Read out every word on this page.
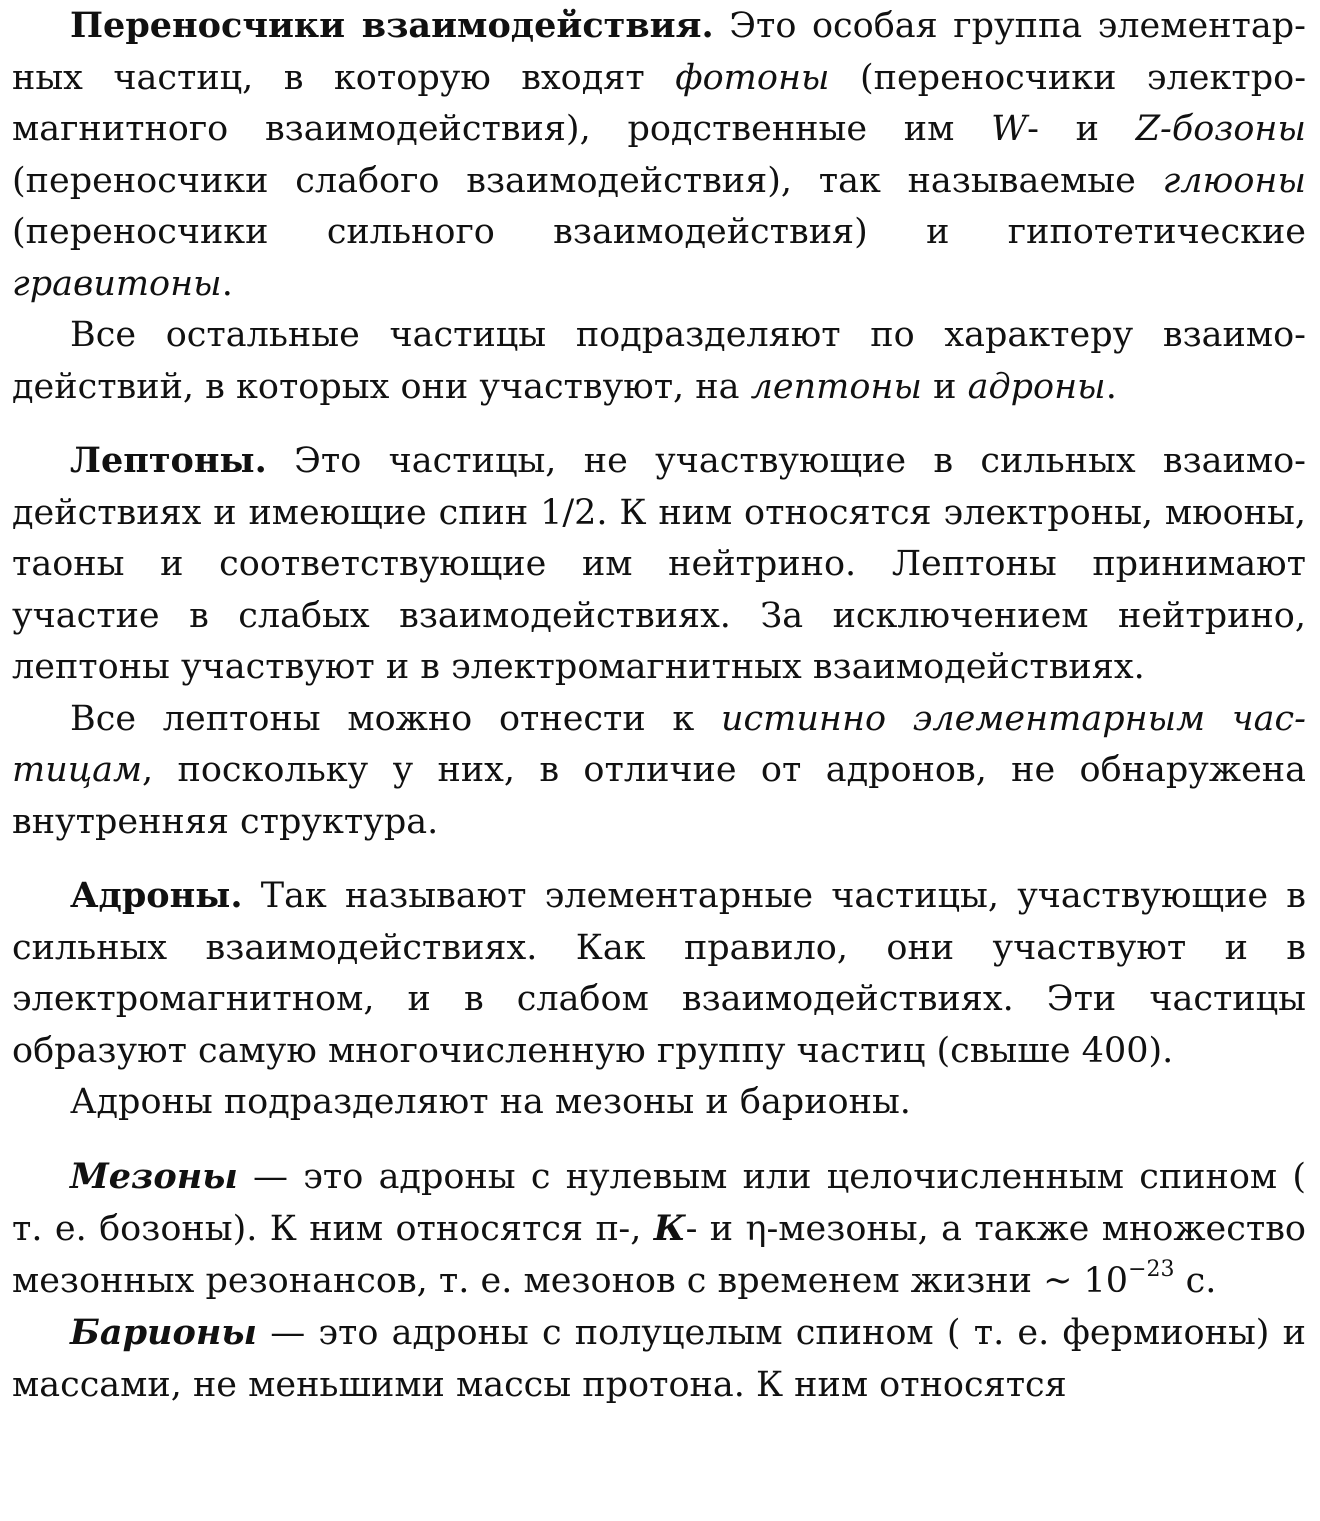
Переносчики взаимодействия. Это особая группа элементарных частиц, в которую входят фотоны (переносчики электромагнитного взаимодействия), родственные им W- и Z-бозоны (переносчики слабого взаимодействия), так называемые глюоны (переносчики сильного взаимодействия) и гипотетические гравитоны.

Все остальные частицы подразделяют по характеру взаимодействий, в которых они участвуют, на лептоны и адроны.

Лептоны. Это частицы, не участвующие в сильных взаимодействиях и имеющие спин 1/2. К ним относятся электроны, мюоны, таоны и соответствующие им нейтрино. Лептоны принимают участие в слабых взаимодействиях. За исключением нейтрино, лептоны участвуют и в электромагнитных взаимодействиях.

Все лептоны можно отнести к истинно элементарным частицам, поскольку у них, в отличие от адронов, не обнаружена внутренняя структура.

Адроны. Так называют элементарные частицы, участвующие в сильных взаимодействиях. Как правило, они участвуют и в электромагнитном, и в слабом взаимодействиях. Эти частицы образуют самую многочисленную группу частиц (свыше 400).

Адроны подразделяют на мезоны и барионы.

Мезоны — это адроны с нулевым или целочисленным спином ( т. е. бозоны). К ним относятся π-, К- и η-мезоны, а также множество мезонных резонансов, т. е. мезонов с временем жизни ~ $10^{-23}$ с.

Барионы — это адроны с полуцелым спином ( т. е. фермионы) и массами, не меньшими массы протона. К ним относятся
